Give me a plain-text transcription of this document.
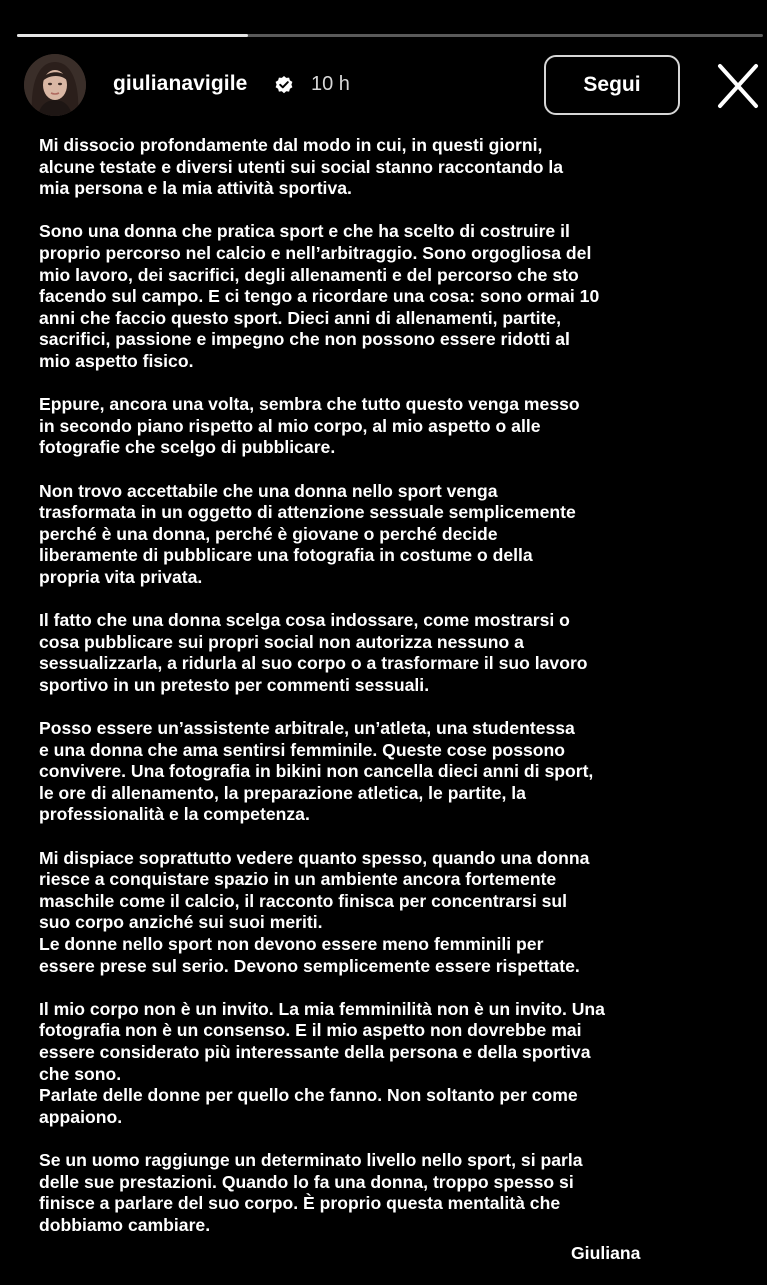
giulianavigile	10 h	Segui

Mi dissocio profondamente dal modo in cui, in questi giorni,
alcune testate e diversi utenti sui social stanno raccontando la
mia persona e la mia attività sportiva.

Sono una donna che pratica sport e che ha scelto di costruire il
proprio percorso nel calcio e nell’arbitraggio. Sono orgogliosa del
mio lavoro, dei sacrifici, degli allenamenti e del percorso che sto
facendo sul campo. E ci tengo a ricordare una cosa: sono ormai 10
anni che faccio questo sport. Dieci anni di allenamenti, partite,
sacrifici, passione e impegno che non possono essere ridotti al
mio aspetto fisico.

Eppure, ancora una volta, sembra che tutto questo venga messo
in secondo piano rispetto al mio corpo, al mio aspetto o alle
fotografie che scelgo di pubblicare.

Non trovo accettabile che una donna nello sport venga
trasformata in un oggetto di attenzione sessuale semplicemente
perché è una donna, perché è giovane o perché decide
liberamente di pubblicare una fotografia in costume o della
propria vita privata.

Il fatto che una donna scelga cosa indossare, come mostrarsi o
cosa pubblicare sui propri social non autorizza nessuno a
sessualizzarla, a ridurla al suo corpo o a trasformare il suo lavoro
sportivo in un pretesto per commenti sessuali.

Posso essere un’assistente arbitrale, un’atleta, una studentessa
e una donna che ama sentirsi femminile. Queste cose possono
convivere. Una fotografia in bikini non cancella dieci anni di sport,
le ore di allenamento, la preparazione atletica, le partite, la
professionalità e la competenza.

Mi dispiace soprattutto vedere quanto spesso, quando una donna
riesce a conquistare spazio in un ambiente ancora fortemente
maschile come il calcio, il racconto finisca per concentrarsi sul
suo corpo anziché sui suoi meriti.
Le donne nello sport non devono essere meno femminili per
essere prese sul serio. Devono semplicemente essere rispettate.

Il mio corpo non è un invito. La mia femminilità non è un invito. Una
fotografia non è un consenso. E il mio aspetto non dovrebbe mai
essere considerato più interessante della persona e della sportiva
che sono.
Parlate delle donne per quello che fanno. Non soltanto per come
appaiono.

Se un uomo raggiunge un determinato livello nello sport, si parla
delle sue prestazioni. Quando lo fa una donna, troppo spesso si
finisce a parlare del suo corpo. È proprio questa mentalità che
dobbiamo cambiare.

Giuliana
